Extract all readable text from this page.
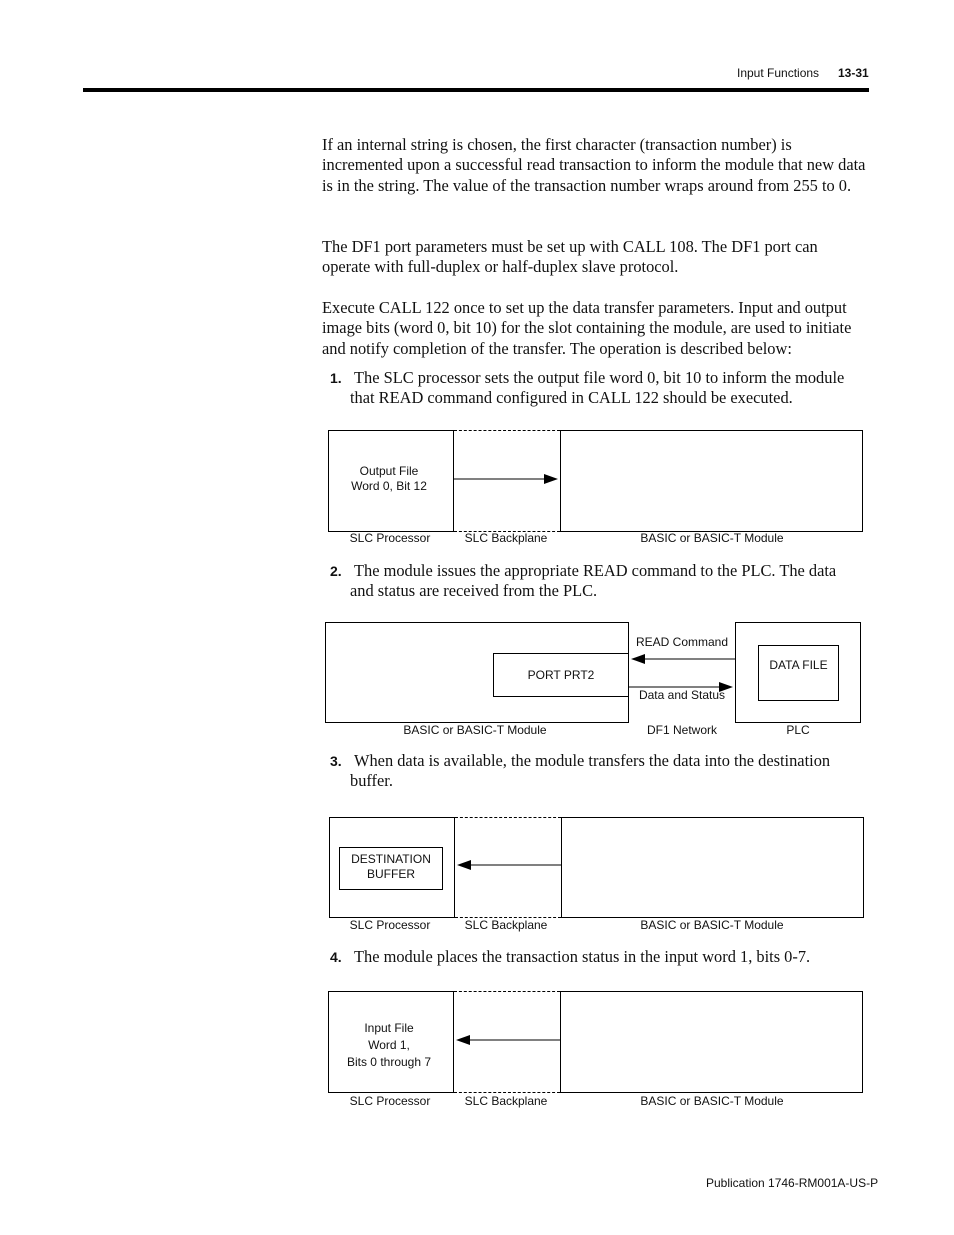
Input Functions 13-31

If an internal string is chosen, the first character (transaction number) is incremented upon a successful read transaction to inform the module that new data is in the string. The value of the transaction number wraps around from 255 to 0.

The DF1 port parameters must be set up with CALL 108. The DF1 port can operate with full-duplex or half-duplex slave protocol.

Execute CALL 122 once to set up the data transfer parameters. Input and output image bits (word 0, bit 10) for the slot containing the module, are used to initiate and notify completion of the transfer. The operation is described below:

1. The SLC processor sets the output file word 0, bit 10 to inform the module
that READ command configured in CALL 122 should be executed.
Output File
Word 0, Bit 12
SLC Processor	SLC Backplane	BASIC or BASIC-T Module
2. The module issues the appropriate READ command to the PLC. The data
and status are received from the PLC.
PORT PRT2
DATA FILE
READ Command
Data and Status
BASIC or BASIC-T Module	DF1 Network	PLC
3. When data is available, the module transfers the data into the destination
buffer.
DESTINATION
BUFFER
SLC Processor	SLC Backplane	BASIC or BASIC-T Module
4. The module places the transaction status in the input word 1, bits 0-7.
Input File
Word 1,
Bits 0 through 7
SLC Processor	SLC Backplane	BASIC or BASIC-T Module
Publication 1746-RM001A-US-P
